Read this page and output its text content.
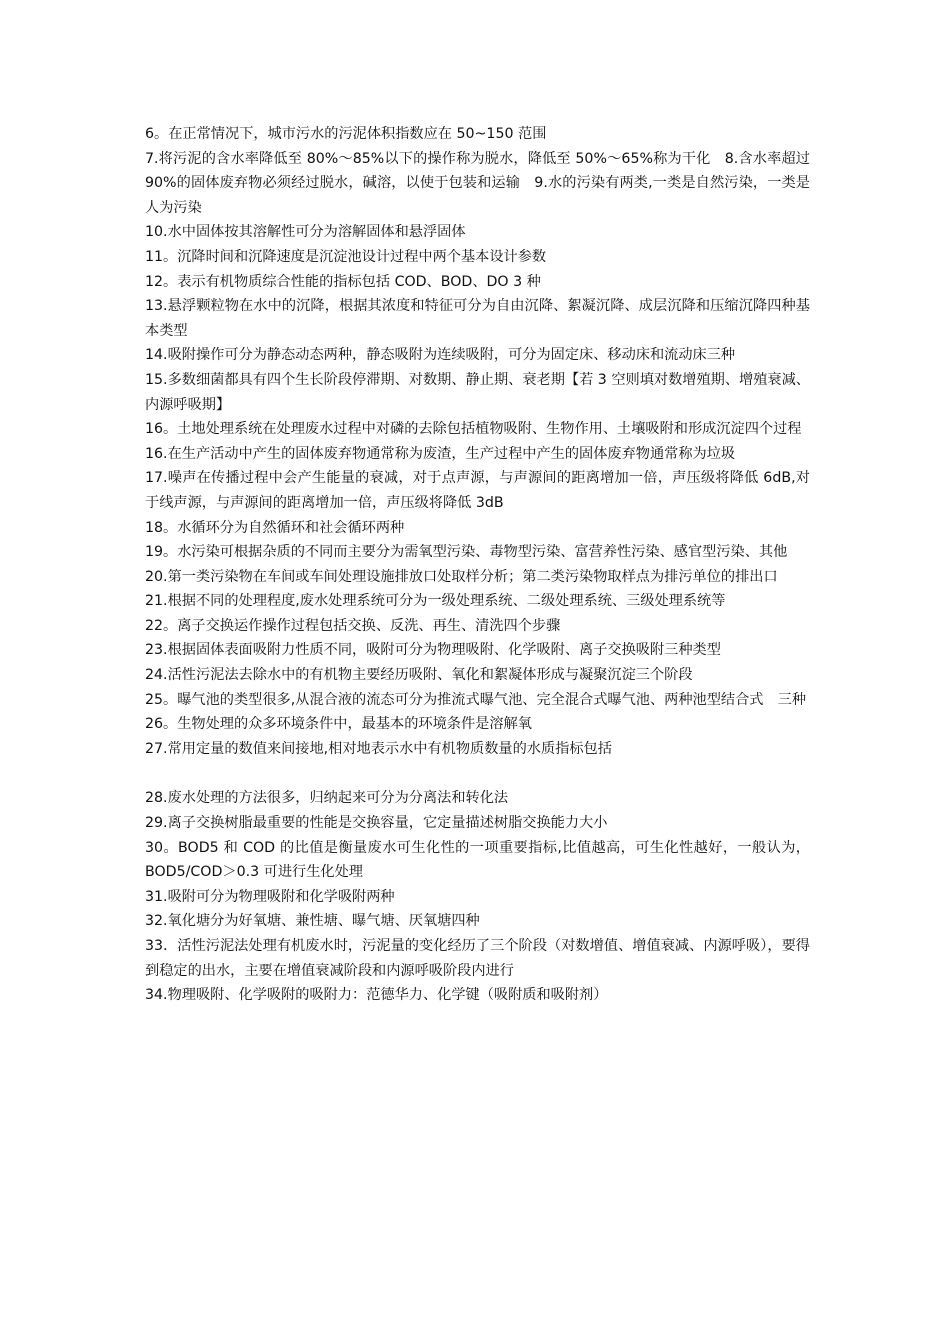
6。在正常情况下，城市污水的污泥体积指数应在 50~150 范围

7.将污泥的含水率降低至 80%～85%以下的操作称为脱水，降低至 50%～65%称为干化　8.含水率超过 90%的固体废弃物必须经过脱水，碱溶，以使于包装和运输　9.水的污染有两类,一类是自然污染，一类是人为污染

10.水中固体按其溶解性可分为溶解固体和悬浮固体

11。沉降时间和沉降速度是沉淀池设计过程中两个基本设计参数

12。表示有机物质综合性能的指标包括 COD、BOD、DO 3 种

13.悬浮颗粒物在水中的沉降，根据其浓度和特征可分为自由沉降、絮凝沉降、成层沉降和压缩沉降四种基本类型

14.吸附操作可分为静态动态两种，静态吸附为连续吸附，可分为固定床、移动床和流动床三种

15.多数细菌都具有四个生长阶段停滞期、对数期、静止期、衰老期【若 3 空则填对数增殖期、增殖衰减、内源呼吸期】

16。土地处理系统在处理废水过程中对磷的去除包括植物吸附、生物作用、土壤吸附和形成沉淀四个过程

16.在生产活动中产生的固体废弃物通常称为废渣，生产过程中产生的固体废弃物通常称为垃圾

17.噪声在传播过程中会产生能量的衰减，对于点声源，与声源间的距离增加一倍，声压级将降低 6dB,对于线声源，与声源间的距离增加一倍，声压级将降低 3dB

18。水循环分为自然循环和社会循环两种

19。水污染可根据杂质的不同而主要分为需氧型污染、毒物型污染、富营养性污染、感官型污染、其他

20.第一类污染物在车间或车间处理设施排放口处取样分析；第二类污染物取样点为排污单位的排出口

21.根据不同的处理程度,废水处理系统可分为一级处理系统、二级处理系统、三级处理系统等

22。离子交换运作操作过程包括交换、反洗、再生、清洗四个步骤

23.根据固体表面吸附力性质不同，吸附可分为物理吸附、化学吸附、离子交换吸附三种类型

24.活性污泥法去除水中的有机物主要经历吸附、氧化和絮凝体形成与凝聚沉淀三个阶段

25。曝气池的类型很多,从混合液的流态可分为推流式曝气池、完全混合式曝气池、两种池型结合式　三种

26。生物处理的众多环境条件中，最基本的环境条件是溶解氧

27.常用定量的数值来间接地,相对地表示水中有机物质数量的水质指标包括

28.废水处理的方法很多，归纳起来可分为分离法和转化法

29.离子交换树脂最重要的性能是交换容量，它定量描述树脂交换能力大小

30。BOD5 和 COD 的比值是衡量废水可生化性的一项重要指标,比值越高，可生化性越好，一般认为，BOD5/COD＞0.3 可进行生化处理

31.吸附可分为物理吸附和化学吸附两种

32.氧化塘分为好氧塘、兼性塘、曝气塘、厌氧塘四种

33．活性污泥法处理有机废水时，污泥量的变化经历了三个阶段（对数增值、增值衰减、内源呼吸），要得到稳定的出水，主要在增值衰减阶段和内源呼吸阶段内进行

34.物理吸附、化学吸附的吸附力：范德华力、化学键（吸附质和吸附剂）
